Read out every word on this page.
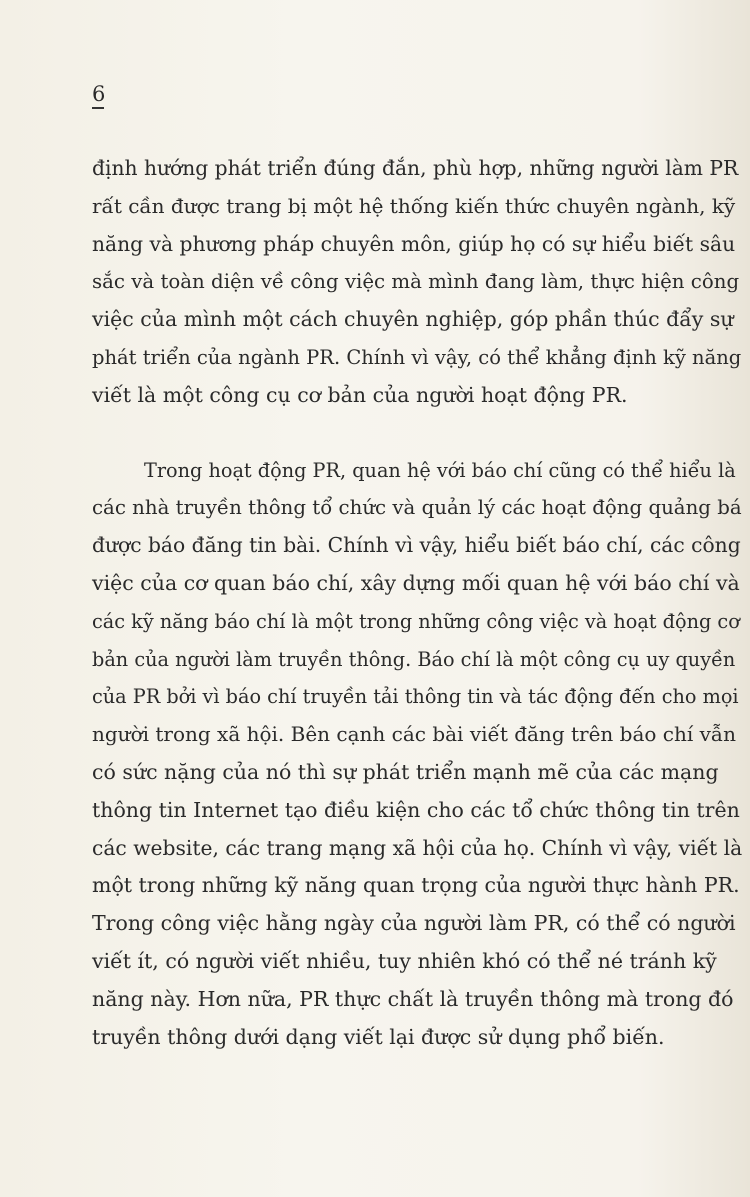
6
định hướng phát triển đúng đắn, phù hợp, những người làm PR
rất cần được trang bị một hệ thống kiến thức chuyên ngành, kỹ
năng và phương pháp chuyên môn, giúp họ có sự hiểu biết sâu
sắc và toàn diện về công việc mà mình đang làm, thực hiện công
việc của mình một cách chuyên nghiệp, góp phần thúc đẩy sự
phát triển của ngành PR. Chính vì vậy, có thể khẳng định kỹ năng
viết là một công cụ cơ bản của người hoạt động PR.
Trong hoạt động PR, quan hệ với báo chí cũng có thể hiểu là
các nhà truyền thông tổ chức và quản lý các hoạt động quảng bá
được báo đăng tin bài. Chính vì vậy, hiểu biết báo chí, các công
việc của cơ quan báo chí, xây dựng mối quan hệ với báo chí và
các kỹ năng báo chí là một trong những công việc và hoạt động cơ
bản của người làm truyền thông. Báo chí là một công cụ uy quyền
của PR bởi vì báo chí truyền tải thông tin và tác động đến cho mọi
người trong xã hội. Bên cạnh các bài viết đăng trên báo chí vẫn
có sức nặng của nó thì sự phát triển mạnh mẽ của các mạng
thông tin Internet tạo điều kiện cho các tổ chức thông tin trên
các website, các trang mạng xã hội của họ. Chính vì vậy, viết là
một trong những kỹ năng quan trọng của người thực hành PR.
Trong công việc hằng ngày của người làm PR, có thể có người
viết ít, có người viết nhiều, tuy nhiên khó có thể né tránh kỹ
năng này. Hơn nữa, PR thực chất là truyền thông mà trong đó
truyền thông dưới dạng viết lại được sử dụng phổ biến.
